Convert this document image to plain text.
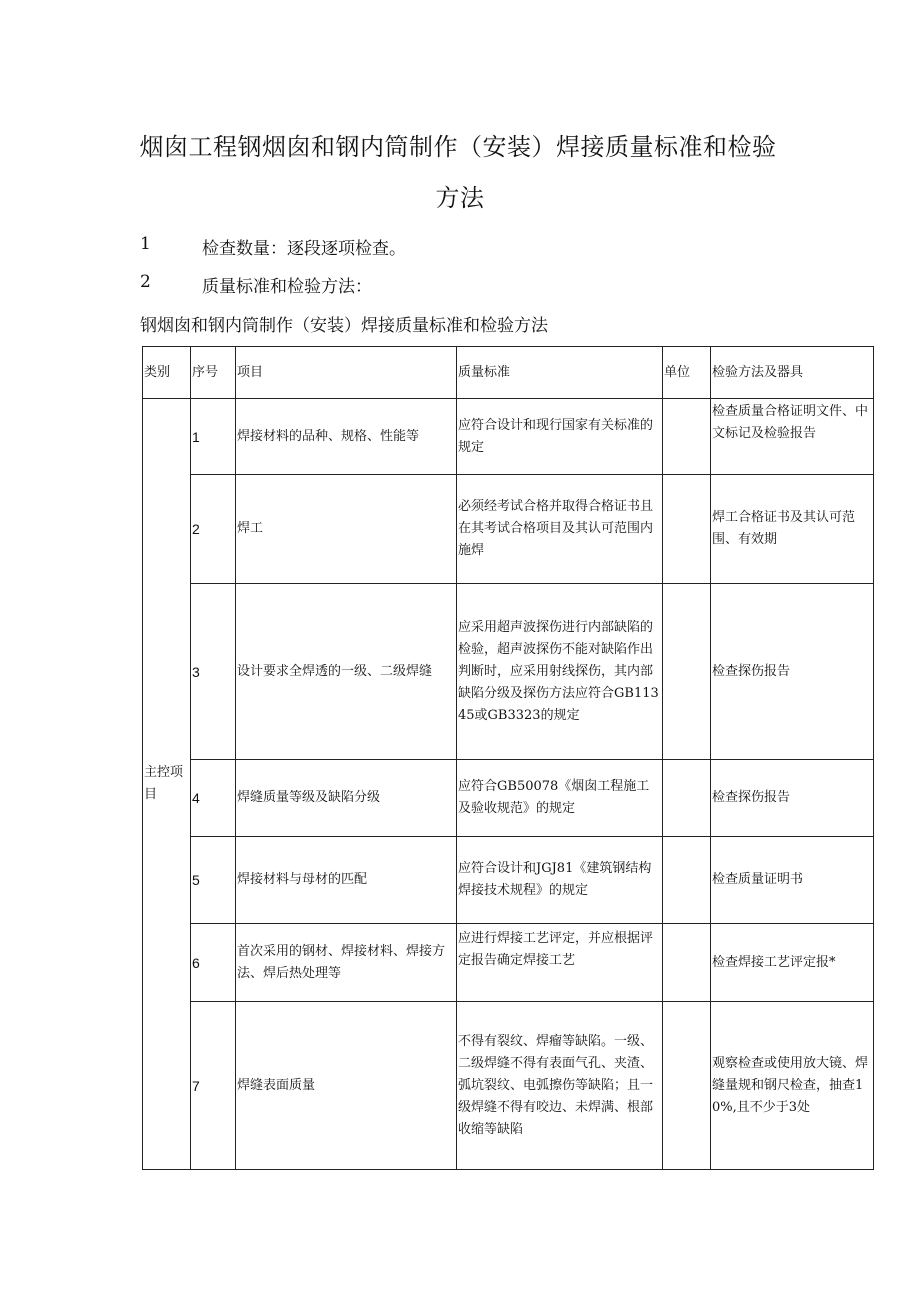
烟囱工程钢烟囱和钢内筒制作（安装）焊接质量标准和检验
方法
1	检查数量：逐段逐项检查。
2	质量标准和检验方法：
钢烟囱和钢内筒制作（安装）焊接质量标准和检验方法
类别	序号	项目	质量标准	单位	检验方法及器具
主控项目	1	焊接材料的品种、规格、性能等	应符合设计和现行国家有关标准的规定		检查质量合格证明文件、中文标记及检验报告
	2	焊工	必须经考试合格并取得合格证书且在其考试合格项目及其认可范围内施焊		焊工合格证书及其认可范围、有效期
	3	设计要求全焊透的一级、二级焊缝	应采用超声波探伤进行内部缺陷的检验，超声波探伤不能对缺陷作出判断时，应采用射线探伤，其内部缺陷分级及探伤方法应符合GB11345或GB3323的规定		检查探伤报告
	4	焊缝质量等级及缺陷分级	应符合GB50078《烟囱工程施工及验收规范》的规定		检查探伤报告
	5	焊接材料与母材的匹配	应符合设计和JGJ81《建筑钢结构焊接技术规程》的规定		检查质量证明书
	6	首次采用的钢材、焊接材料、焊接方法、焊后热处理等	应进行焊接工艺评定，并应根据评定报告确定焊接工艺		检查焊接工艺评定报*
	7	焊缝表面质量	不得有裂纹、焊瘤等缺陷。一级、二级焊缝不得有表面气孔、夹渣、弧坑裂纹、电弧擦伤等缺陷；且一级焊缝不得有咬边、未焊满、根部收缩等缺陷		观察检查或使用放大镜、焊缝量规和钢尺检查，抽查10%,且不少于3处
